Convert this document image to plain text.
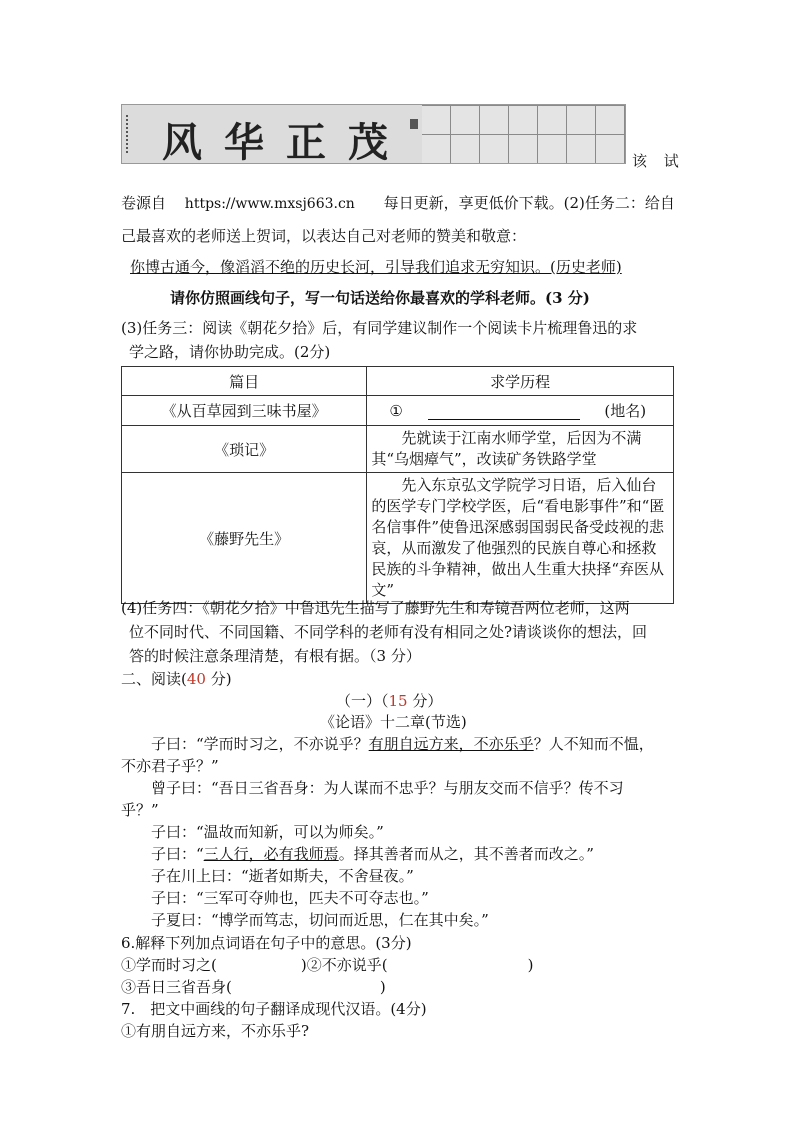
风华正茂	该 试
卷源自 https://www.mxsj663.cn 每日更新，享更低价下载。(2)任务二：给自
己最喜欢的老师送上贺词，以表达自己对老师的赞美和敬意：
你博古通今，像滔滔不绝的历史长河，引导我们追求无穷知识。(历史老师)
请你仿照画线句子，写一句话送给你最喜欢的学科老师。(3 分)
(3)任务三：阅读《朝花夕拾》后，有同学建议制作一个阅读卡片梳理鲁迅的求
学之路，请你协助完成。(2分)
篇目	求学历程
《从百草园到三味书屋》	① (地名)
《琐记》	先就读于江南水师学堂，后因为不满其“乌烟瘴气”，改读矿务铁路学堂

《藤野先生》	先入东京弘文学院学习日语，后入仙台的医学专门学校学医，后“看电影事件”和“匿名信事件”使鲁迅深感弱国弱民备受歧视的悲哀，从而激发了他强烈的民族自尊心和拯救民族的斗争精神，做出人生重大抉择“弃医从文”
(4)任务四：《朝花夕拾》中鲁迅先生描写了藤野先生和寿镜吾两位老师，这两
位不同时代、不同国籍、不同学科的老师有没有相同之处?请谈谈你的想法，回
答的时候注意条理清楚，有根有据。（3 分）
二、阅读(40 分)
（一）（15 分）
《论语》十二章(节选)
子曰：“学而时习之，不亦说乎？有朋自远方来，不亦乐乎？人不知而不愠，
不亦君子乎？”
曾子曰：“吾日三省吾身：为人谋而不忠乎？与朋友交而不信乎？传不习
乎？”
子曰：“温故而知新，可以为师矣。”
子曰：“三人行，必有我师焉。择其善者而从之，其不善者而改之。”
子在川上曰：“逝者如斯夫，不舍昼夜。”
子曰：“三军可夺帅也，匹夫不可夺志也。”
子夏曰：“博学而笃志，切问而近思，仁在其中矣。”
6.解释下列加点词语在句子中的意思。(3分)
①学而时习之(	)②不亦说乎(	)
③吾日三省吾身(	)
7.　把文中画线的句子翻译成现代汉语。(4分)
①有朋自远方来，不亦乐乎?
